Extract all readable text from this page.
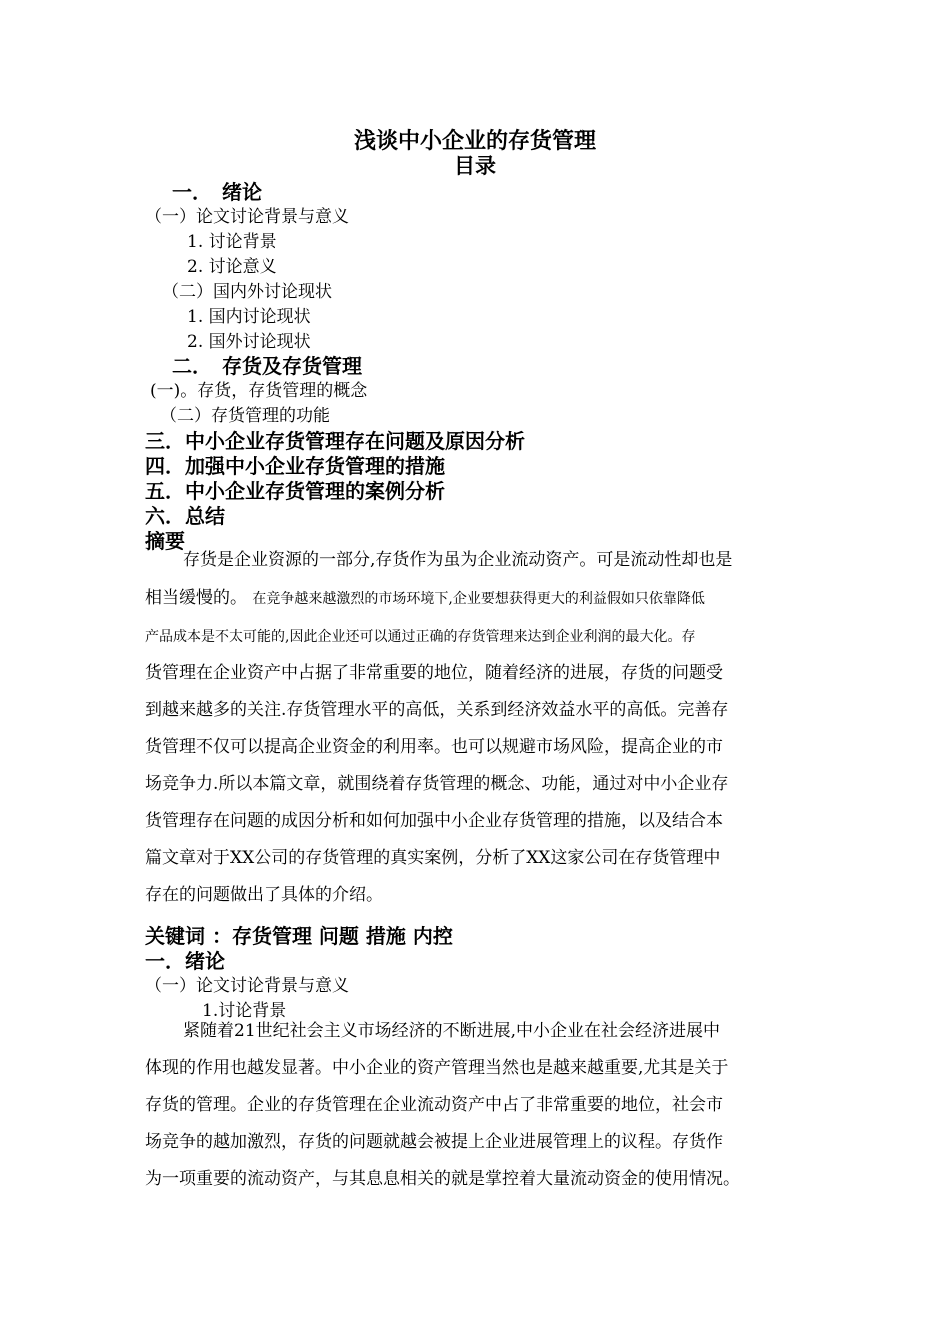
浅谈中小企业的存货管理
目录
一．　绪论
（一）论文讨论背景与意义
1. 讨论背景
2. 讨论意义
（二）国内外讨论现状
1. 国内讨论现状
2. 国外讨论现状
二．　存货及存货管理
(一)。存货，存货管理的概念
（二）存货管理的功能
三．中小企业存货管理存在问题及原因分析
四．加强中小企业存货管理的措施
五．中小企业存货管理的案例分析
六．总结
摘要
存货是企业资源的一部分,存货作为虽为企业流动资产。可是流动性却也是
相当缓慢的。 在竞争越来越激烈的市场环境下,企业要想获得更大的利益假如只依靠降低
产品成本是不太可能的,因此企业还可以通过正确的存货管理来达到企业利润的最大化。存
货管理在企业资产中占据了非常重要的地位，随着经济的进展，存货的问题受
到越来越多的关注.存货管理水平的高低，关系到经济效益水平的高低。完善存
货管理不仅可以提高企业资金的利用率。也可以规避市场风险，提高企业的市
场竞争力.所以本篇文章，就围绕着存货管理的概念、功能，通过对中小企业存
货管理存在问题的成因分析和如何加强中小企业存货管理的措施，以及结合本
篇文章对于XX公司的存货管理的真实案例，分析了XX这家公司在存货管理中
存在的问题做出了具体的介绍。
关键词 ：存货管理 问题 措施 内控
一．绪论
（一）论文讨论背景与意义
1.讨论背景
紧随着21世纪社会主义市场经济的不断进展,中小企业在社会经济进展中
体现的作用也越发显著。中小企业的资产管理当然也是越来越重要,尤其是关于
存货的管理。企业的存货管理在企业流动资产中占了非常重要的地位，社会市
场竞争的越加激烈，存货的问题就越会被提上企业进展管理上的议程。存货作
为一项重要的流动资产，与其息息相关的就是掌控着大量流动资金的使用情况。
